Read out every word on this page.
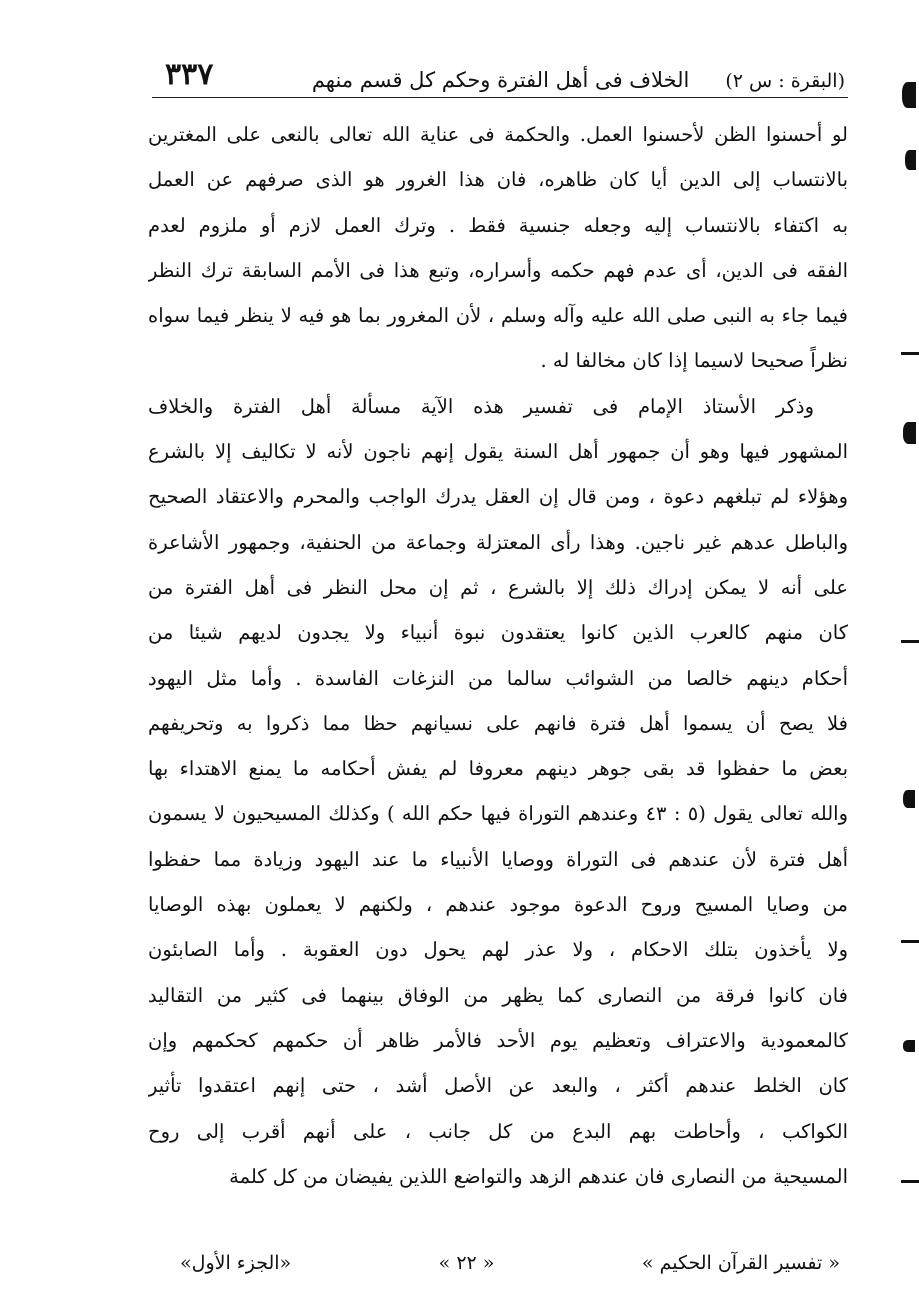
(البقرة : س ٢)
الخلاف فى أهل الفترة وحكم كل قسم منهم
٣٣٧
لو أحسنوا الظن لأحسنوا العمل. والحكمة فى عناية الله تعالى بالنعى على المغترين
بالانتساب إلى الدين أيا كان ظاهره، فان هذا الغرور هو الذى صرفهم عن العمل
به اكتفاء بالانتساب إليه وجعله جنسية فقط . وترك العمل لازم أو ملزوم لعدم
الفقه فى الدين، أى عدم فهم حكمه وأسراره، وتبع هذا فى الأمم السابقة ترك النظر
فيما جاء به النبى صلى الله عليه وآله وسلم ، لأن المغرور بما هو فيه لا ينظر فيما سواه
نظراً صحيحا لاسيما إذا كان مخالفا له .
وذكر الأستاذ الإمام فى تفسير هذه الآية مسألة أهل الفترة والخلاف
المشهور فيها وهو أن جمهور أهل السنة يقول إنهم ناجون لأنه لا تكاليف إلا بالشرع
وهؤلاء لم تبلغهم دعوة ، ومن قال إن العقل يدرك الواجب والمحرم والاعتقاد الصحيح
والباطل عدهم غير ناجين. وهذا رأى المعتزلة وجماعة من الحنفية، وجمهور الأشاعرة
على أنه لا يمكن إدراك ذلك إلا بالشرع ، ثم إن محل النظر فى أهل الفترة من
كان منهم كالعرب الذين كانوا يعتقدون نبوة أنبياء ولا يجدون لديهم شيئا من
أحكام دينهم خالصا من الشوائب سالما من النزغات الفاسدة . وأما مثل اليهود
فلا يصح أن يسموا أهل فترة فانهم على نسيانهم حظا مما ذكروا به وتحريفهم
بعض ما حفظوا قد بقى جوهر دينهم معروفا لم يفش أحكامه ما يمنع الاهتداء بها
والله تعالى يقول (٥ : ٤٣ وعندهم التوراة فيها حكم الله ) وكذلك المسيحيون لا يسمون
أهل فترة لأن عندهم فى التوراة ووصايا الأنبياء ما عند اليهود وزيادة مما حفظوا
من وصايا المسيح وروح الدعوة موجود عندهم ، ولكنهم لا يعملون بهذه الوصايا
ولا يأخذون بتلك الاحكام ، ولا عذر لهم يحول دون العقوبة . وأما الصابئون
فان كانوا فرقة من النصارى كما يظهر من الوفاق بينهما فى كثير من التقاليد
كالمعمودية والاعتراف وتعظيم يوم الأحد فالأمر ظاهر أن حكمهم كحكمهم وإن
كان الخلط عندهم أكثر ، والبعد عن الأصل أشد ، حتى إنهم اعتقدوا تأثير
الكواكب ، وأحاطت بهم البدع من كل جانب ، على أنهم أقرب إلى روح
المسيحية من النصارى فان عندهم الزهد والتواضع اللذين يفيضان من كل كلمة
« تفسير القرآن الحكيم »
« ٢٢ »
«الجزء الأول»
